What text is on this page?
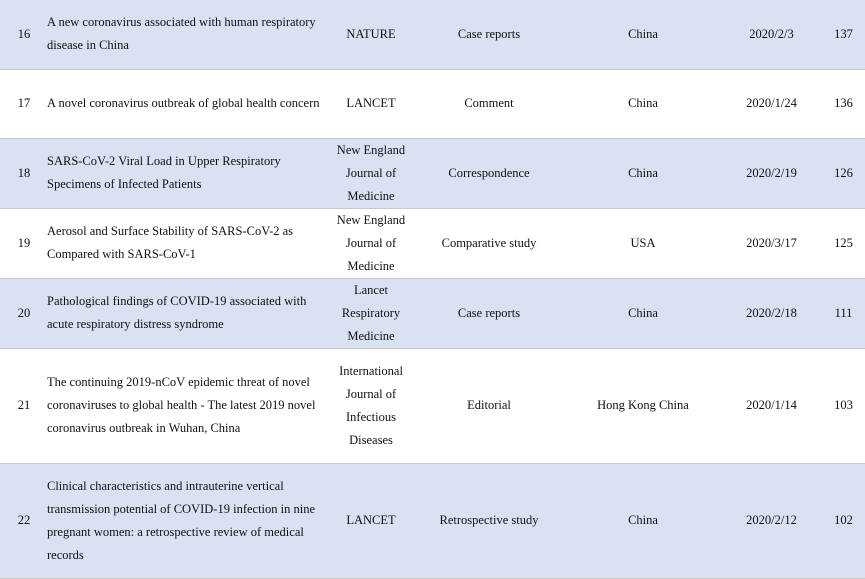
16	A new coronavirus associated with human respiratory disease in China	NATURE	Case reports	China	2020/2/3	137
17	A novel coronavirus outbreak of global health concern	LANCET	Comment	China	2020/1/24	136
18	SARS-CoV-2 Viral Load in Upper Respiratory Specimens of Infected Patients	New England Journal of Medicine	Correspondence	China	2020/2/19	126
19	Aerosol and Surface Stability of SARS-CoV-2 as Compared with SARS-CoV-1	New England Journal of Medicine	Comparative study	USA	2020/3/17	125
20	Pathological findings of COVID-19 associated with acute respiratory distress syndrome	Lancet Respiratory Medicine	Case reports	China	2020/2/18	111
21	The continuing 2019-nCoV epidemic threat of novel coronaviruses to global health - The latest 2019 novel coronavirus outbreak in Wuhan, China	International Journal of Infectious Diseases	Editorial	Hong Kong China	2020/1/14	103
22	Clinical characteristics and intrauterine vertical transmission potential of COVID-19 infection in nine pregnant women: a retrospective review of medical records	LANCET	Retrospective study	China	2020/2/12	102
